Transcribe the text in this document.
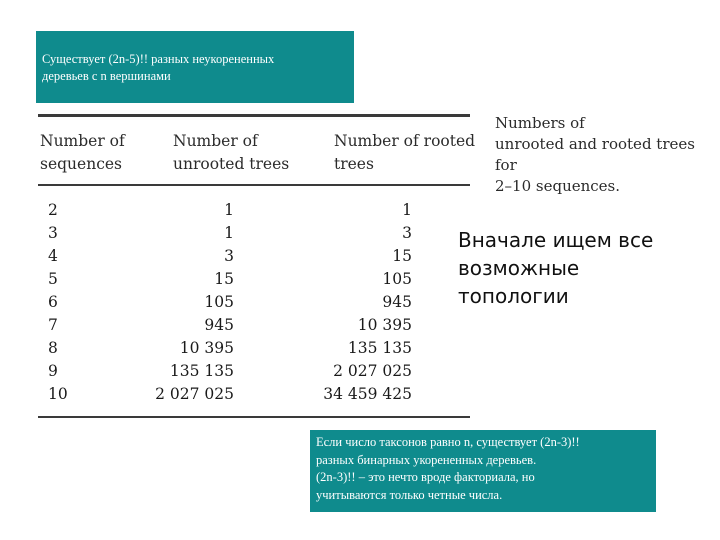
Существует (2n-5)!! разных неукорененных
деревьев с n вершинами
Number of
sequences
Number of
unrooted trees
Number of rooted
trees
2	1	1
3	1	3
4	3	15
5	15	105
6	105	945
7	945	10 395
8	10 395	135 135
9	135 135	2 027 025
10	2 027 025	34 459 425
Numbers of
unrooted and rooted trees for
2–10 sequences.
Вначале ищем все
возможные
топологии
Если число таксонов равно n, существует (2n-3)!!
разных бинарных укорененных деревьев.
(2n-3)!! – это нечто вроде факториала, но
учитываются только четные числа.
